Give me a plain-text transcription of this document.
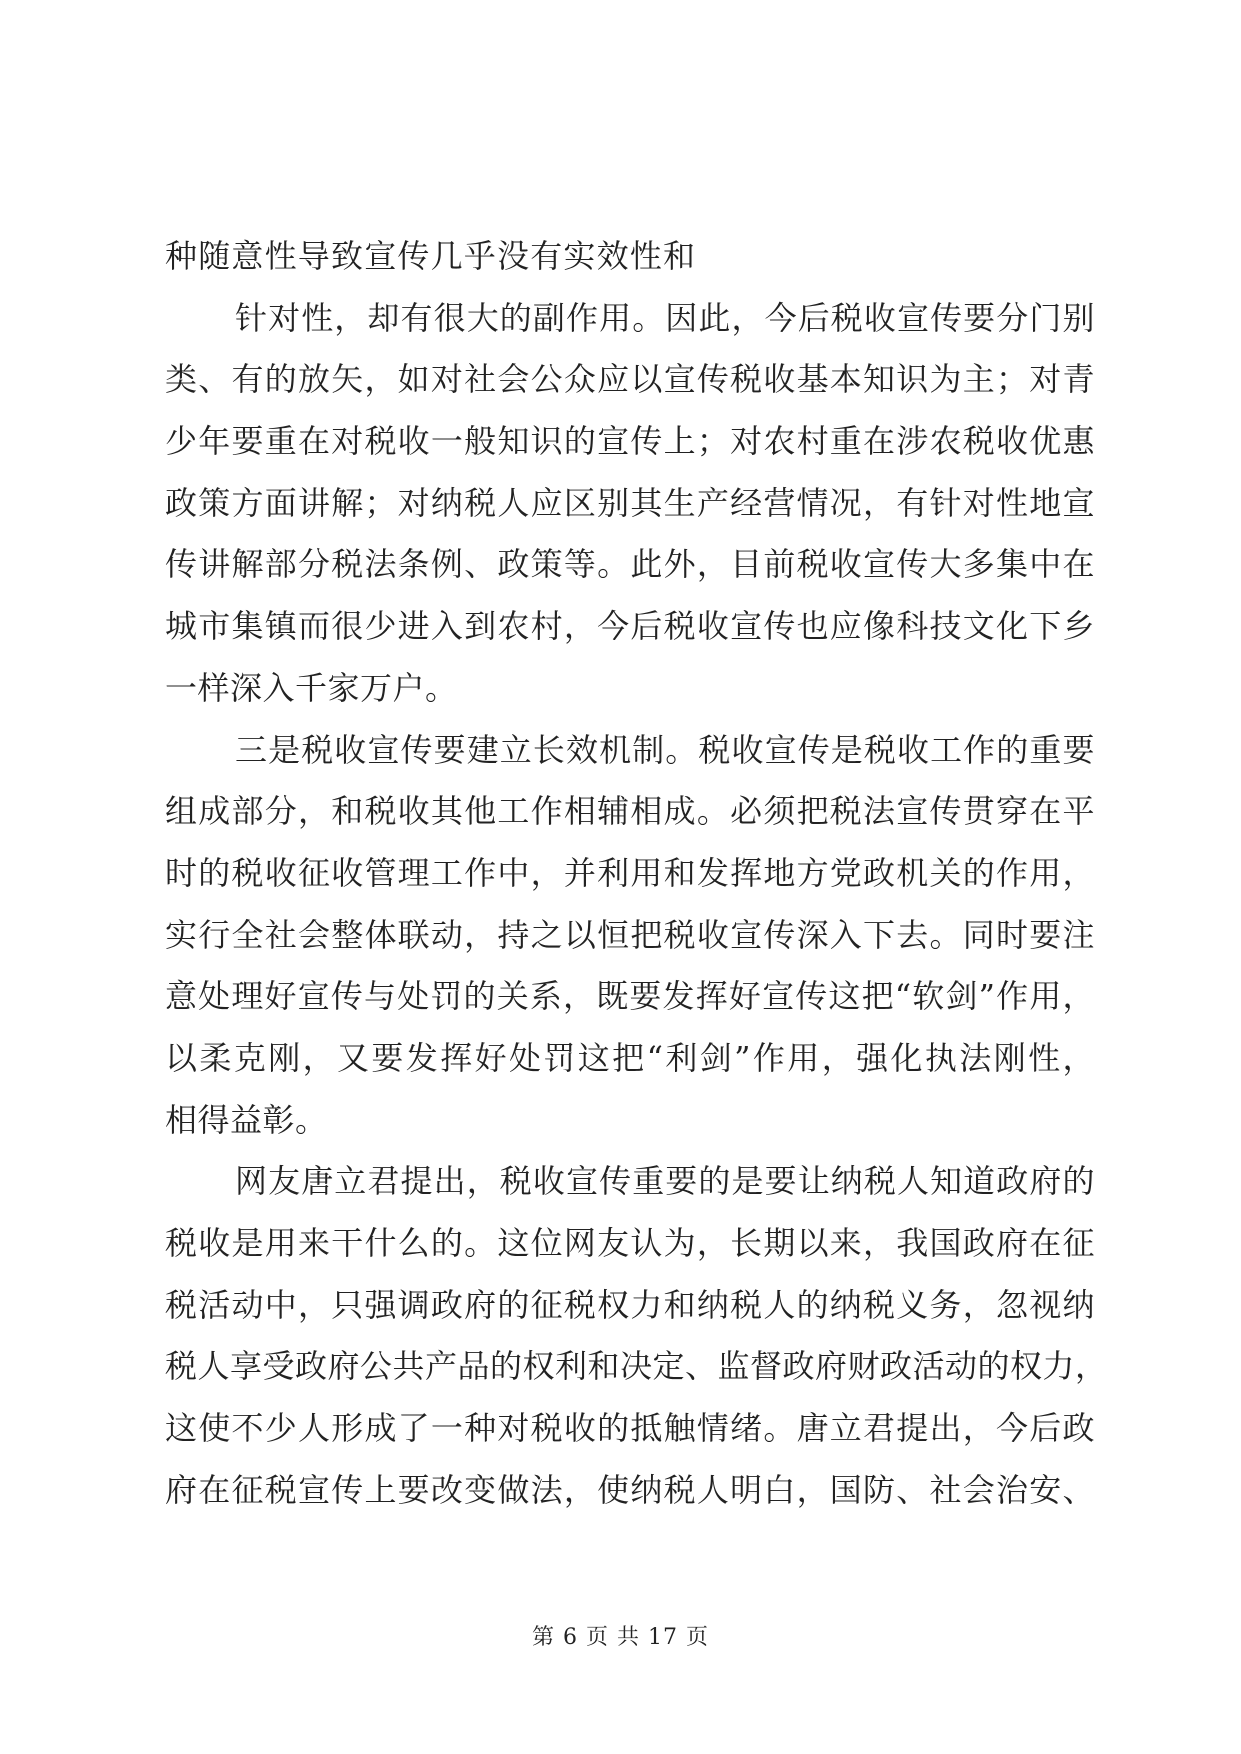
种随意性导致宣传几乎没有实效性和
针对性，却有很大的副作用。因此，今后税收宣传要分门别
类、有的放矢，如对社会公众应以宣传税收基本知识为主；对青
少年要重在对税收一般知识的宣传上；对农村重在涉农税收优惠
政策方面讲解；对纳税人应区别其生产经营情况，有针对性地宣
传讲解部分税法条例、政策等。此外，目前税收宣传大多集中在
城市集镇而很少进入到农村，今后税收宣传也应像科技文化下乡
一样深入千家万户。
三是税收宣传要建立长效机制。税收宣传是税收工作的重要
组成部分，和税收其他工作相辅相成。必须把税法宣传贯穿在平
时的税收征收管理工作中，并利用和发挥地方党政机关的作用，
实行全社会整体联动，持之以恒把税收宣传深入下去。同时要注
意处理好宣传与处罚的关系，既要发挥好宣传这把“软剑”作用，
以柔克刚，又要发挥好处罚这把“利剑”作用，强化执法刚性，
相得益彰。
网友唐立君提出，税收宣传重要的是要让纳税人知道政府的
税收是用来干什么的。这位网友认为，长期以来，我国政府在征
税活动中，只强调政府的征税权力和纳税人的纳税义务，忽视纳
税人享受政府公共产品的权利和决定、监督政府财政活动的权力，
这使不少人形成了一种对税收的抵触情绪。唐立君提出，今后政
府在征税宣传上要改变做法，使纳税人明白，国防、社会治安、
第 6 页 共 17 页
